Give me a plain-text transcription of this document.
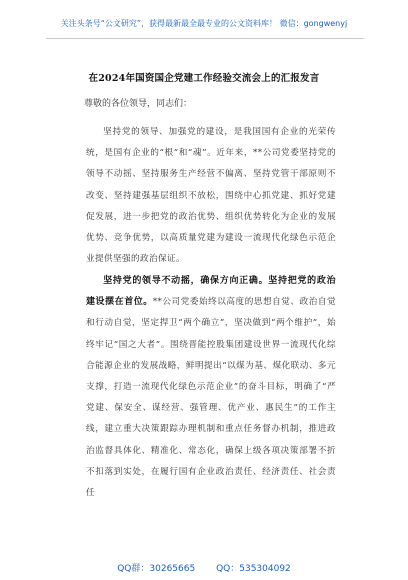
关注头条号“公文研究”，获得最新最全最专业的公文资料库！ 微信：gongwenyj
在2024年国资国企党建工作经验交流会上的汇报发言
尊敬的各位领导，同志们：

坚持党的领导、加强党的建设，是我国国有企业的光荣传统，是国有企业的“根”和“魂”。近年来，**公司党委坚持党的领导不动摇、坚持服务生产经营不偏离、坚持党管干部原则不改变、坚持建强基层组织不放松，围绕中心抓党建、抓好党建促发展，进一步把党的政治优势、组织优势转化为企业的发展优势、竞争优势，以高质量党建为建设一流现代化绿色示范企业提供坚强的政治保证。

坚持党的领导不动摇，确保方向正确。坚持把党的政治建设摆在首位。**公司党委始终以高度的思想自觉、政治自觉和行动自觉，坚定捍卫“两个确立”，坚决做到“两个维护”，始终牢记“国之大者”。围绕晋能控股集团建设世界一流现代化综合能源企业的发展战略，鲜明提出“以煤为基、煤化联动、多元支撑，打造一流现代化绿色示范企业”的奋斗目标，明确了“严党建、保安全、谋经营、强管理、优产业、惠民生”的工作主线，建立重大决策跟踪办理机制和重点任务督办机制，推进政治监督具体化、精准化、常态化，确保上级各项决策部署不折不扣落到实处，在履行国有企业政治责任、经济责任、社会责任

QQ群：30265665 QQ：535304092
